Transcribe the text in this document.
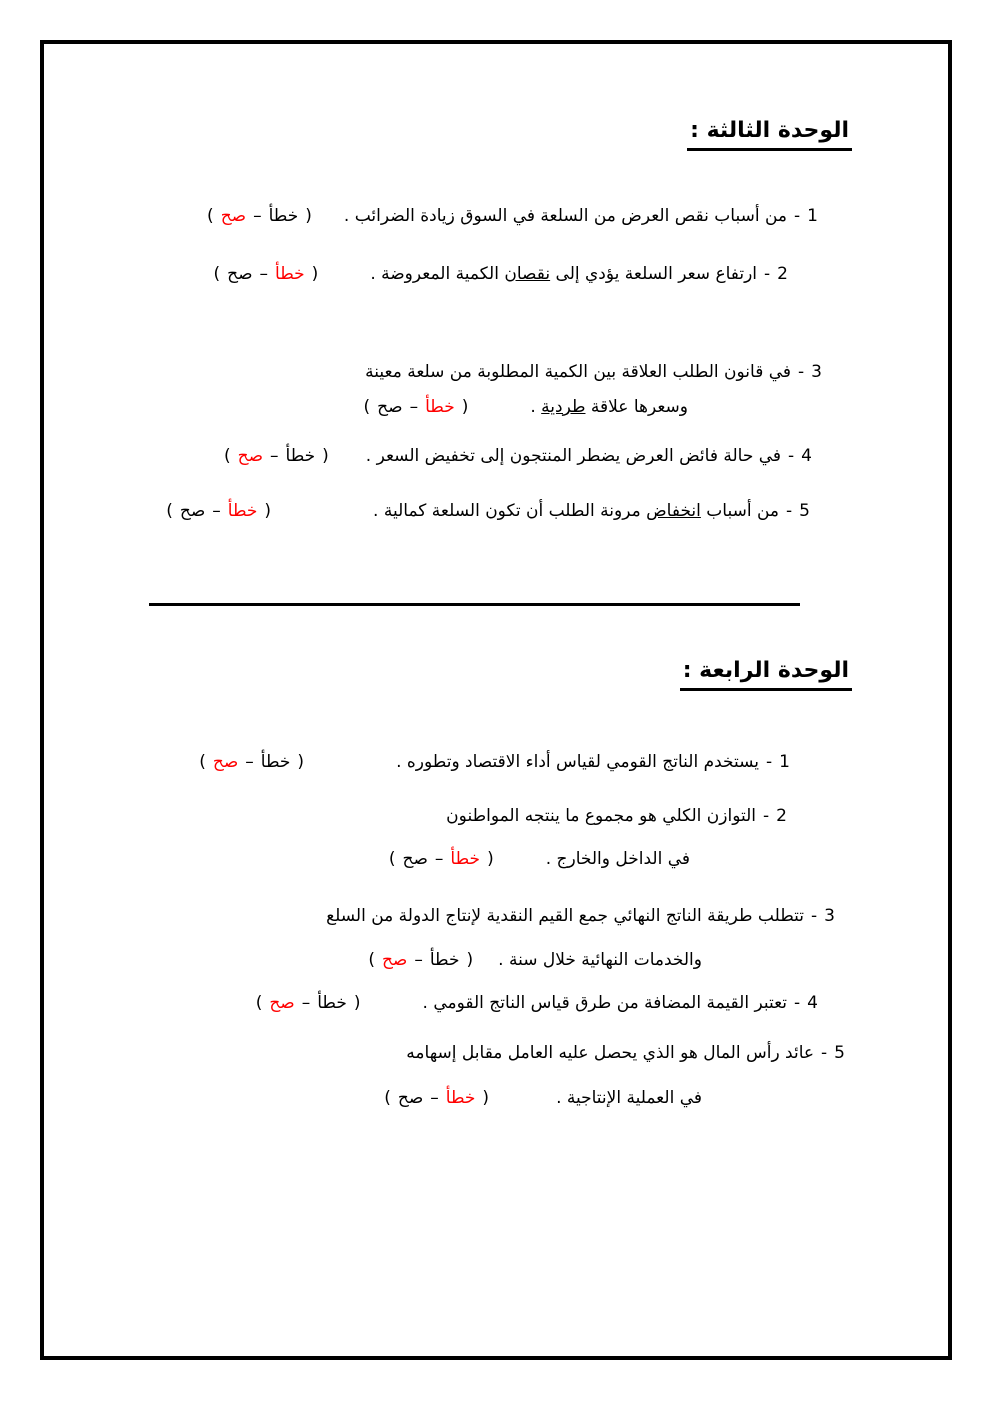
الوحدة الثالثة :
1
-
من أسباب نقص العرض من السلعة في السوق زيادة الضرائب .
( صح – خطأ )
2
-
ارتفاع سعر السلعة يؤدي إلى نقصان الكمية المعروضة .
( صح – خطأ )
3
-
في قانون الطلب العلاقة بين الكمية المطلوبة من سلعة معينة
وسعرها علاقة طردية .
( صح – خطأ )
4
-
في حالة فائض العرض يضطر المنتجون إلى تخفيض السعر .
( صح – خطأ )
5
-
من أسباب انخفاض مرونة الطلب أن تكون السلعة كمالية .
( صح – خطأ )
الوحدة الرابعة :
1
-
يستخدم الناتج القومي لقياس أداء الاقتصاد وتطوره .
( صح – خطأ )
2
-
التوازن الكلي هو مجموع ما ينتجه المواطنون
في الداخل والخارج .
( صح – خطأ )
3
-
تتطلب طريقة الناتج النهائي جمع القيم النقدية لإنتاج الدولة من السلع
والخدمات النهائية خلال سنة .
( صح – خطأ )
4
-
تعتبر القيمة المضافة من طرق قياس الناتج القومي .
( صح – خطأ )
5
-
عائد رأس المال هو الذي يحصل عليه العامل مقابل إسهامه
في العملية الإنتاجية .
( صح – خطأ )
